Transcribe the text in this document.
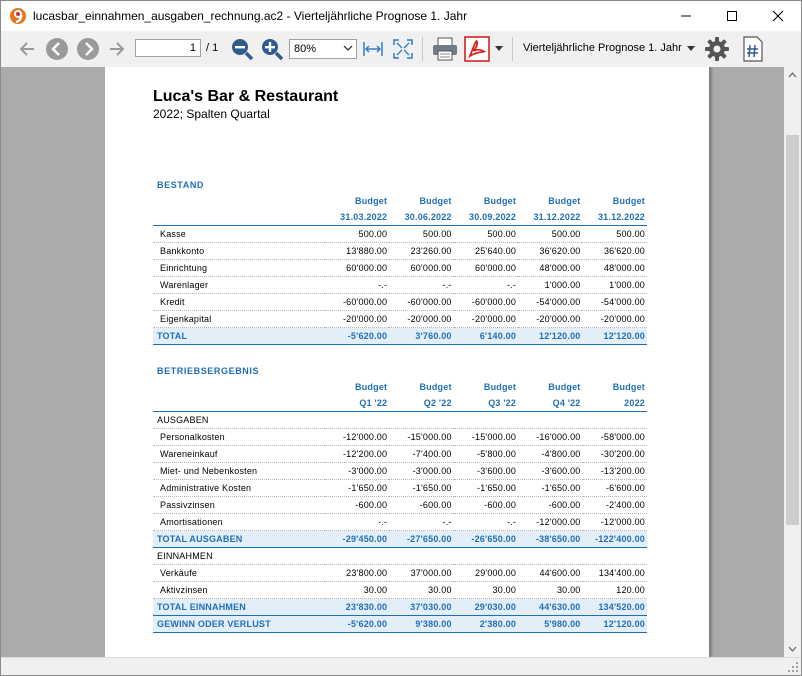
lucasbar_einnahmen_ausgaben_rechnung.ac2 - Vierteljährliche Prognose 1. Jahr
1 / 1	80%	Vierteljährliche Prognose 1. Jahr
Luca's Bar & Restaurant
2022; Spalten Quartal
BESTAND					
	Budget	Budget	Budget	Budget	Budget
	31.03.2022	30.06.2022	30.09.2022	31.12.2022	31.12.2022
Kasse	500.00	500.00	500.00	500.00	500.00
Bankkonto	13'880.00	23'260.00	25'640.00	36'620.00	36'620.00
Einrichtung	60'000.00	60'000.00	60'000.00	48'000.00	48'000.00
Warenlager	-.-	-.-	-.-	1'000.00	1'000.00
Kredit	-60'000.00	-60'000.00	-60'000.00	-54'000.00	-54'000.00
Eigenkapital	-20'000.00	-20'000.00	-20'000.00	-20'000.00	-20'000.00
TOTAL	-5'620.00	3'760.00	6'140.00	12'120.00	12'120.00
BETRIEBSERGEBNIS					
	Budget	Budget	Budget	Budget	Budget
	Q1 '22	Q2 '22	Q3 '22	Q4 '22	2022
AUSGABEN					
Personalkosten	-12'000.00	-15'000.00	-15'000.00	-16'000.00	-58'000.00
Wareneinkauf	-12'200.00	-7'400.00	-5'800.00	-4'800.00	-30'200.00
Miet- und Nebenkosten	-3'000.00	-3'000.00	-3'600.00	-3'600.00	-13'200.00
Administrative Kosten	-1'650.00	-1'650.00	-1'650.00	-1'650.00	-6'600.00
Passivzinsen	-600.00	-600.00	-600.00	-600.00	-2'400.00
Amortisationen	-.-	-.-	-.-	-12'000.00	-12'000.00
TOTAL AUSGABEN	-29'450.00	-27'650.00	-26'650.00	-38'650.00	-122'400.00
EINNAHMEN					
Verkäufe	23'800.00	37'000.00	29'000.00	44'600.00	134'400.00
Aktivzinsen	30.00	30.00	30.00	30.00	120.00
TOTAL EINNAHMEN	23'830.00	37'030.00	29'030.00	44'630.00	134'520.00
GEWINN ODER VERLUST	-5'620.00	9'380.00	2'380.00	5'980.00	12'120.00
